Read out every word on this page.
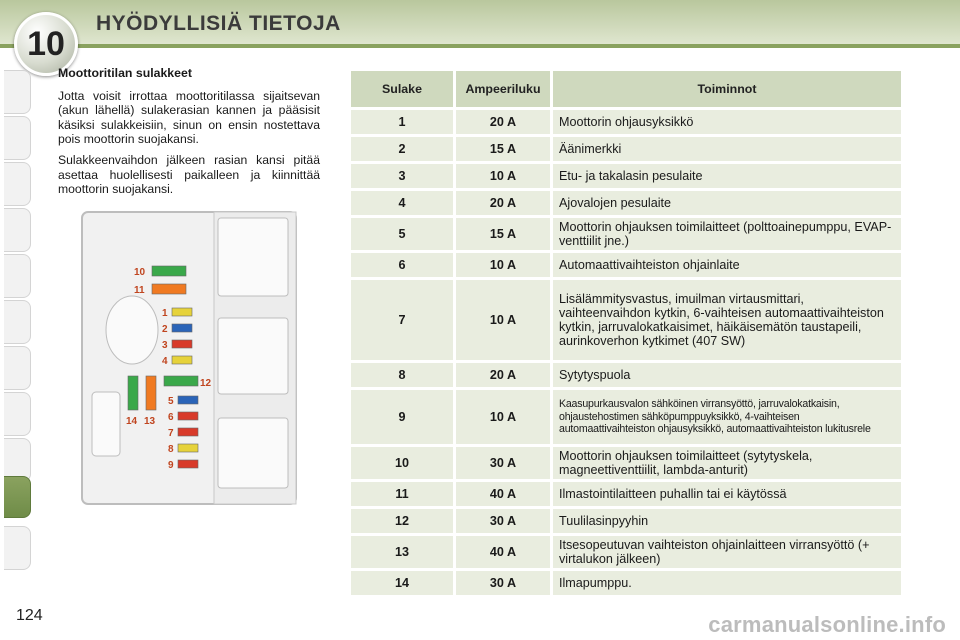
10
HYÖDYLLISIÄ TIETOJA
Moottoritilan sulakkeet

Jotta voisit irrottaa moottoritilassa sijaitsevan (akun lähellä) sulakerasian kannen ja pääsisit käsiksi sulakkeisiin, sinun on ensin nostettava pois moottorin suojakansi.

Sulakkeenvaihdon jälkeen rasian kansi pitää asettaa huolellisesti paikalleen ja kiinnittää moottorin suojakansi.

10
11
1
2
3
4
12
5
6
7
8
9
14 13
Sulake	Ampeeriluku	Toiminnot
1	20 A	Moottorin ohjausyksikkö
2	15 A	Äänimerkki
3	10 A	Etu- ja takalasin pesulaite
4	20 A	Ajovalojen pesulaite
5	15 A	Moottorin ohjauksen toimilaitteet (polttoainepumppu, EVAP-venttiilit jne.)
6	10 A	Automaattivaihteiston ohjainlaite
7	10 A	Lisälämmitysvastus, imuilman virtausmittari, vaihteenvaihdon kytkin, 6-vaihteisen automaattivaihteiston kytkin, jarruvalokatkaisimet, häikäisemätön taustapeili, aurinkoverhon kytkimet (407 SW)
8	20 A	Sytytyspuola
9	10 A	Kaasupurkausvalon sähköinen virransyöttö, jarruvalokatkaisin, ohjaustehostimen sähköpumppuyksikkö, 4-vaihteisen automaattivaihteiston ohjausyksikkö, automaattivaihteiston lukitusrele
10	30 A	Moottorin ohjauksen toimilaitteet (sytytyskela, magneettiventtiilit, lambda-anturit)
11	40 A	Ilmastointilaitteen puhallin tai ei käytössä
12	30 A	Tuulilasinpyyhin
13	40 A	Itsesopeutuvan vaihteiston ohjainlaitteen virransyöttö (+ virtalukon jälkeen)
14	30 A	Ilmapumppu.
124	carmanualsonline.info
